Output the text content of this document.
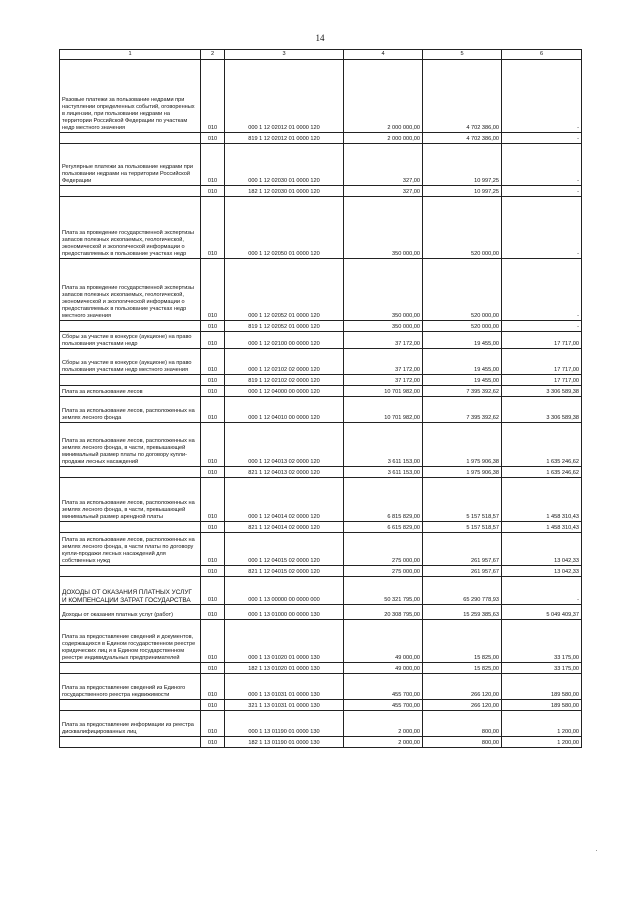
14
1	2	3	4	5	6
Разовые платежи за пользование недрами при наступлении определенных событий, оговоренных в лицензии, при пользовании недрами на территории Российской Федерации по участкам недр местного значения	010	000 1 12 02012 01 0000 120	2 000 000,00	4 702 386,00	-
	010	819 1 12 02012 01 0000 120	2 000 000,00	4 702 386,00	-
Регулярные платежи за пользование недрами при пользовании недрами на территории Российской Федерации	010	000 1 12 02030 01 0000 120	327,00	10 997,25	-
	010	182 1 12 02030 01 0000 120	327,00	10 997,25	-
Плата за проведение государственной экспертизы запасов полезных ископаемых, геологической, экономической и экологической информации о предоставляемых в пользование участках недр	010	000 1 12 02050 01 0000 120	350 000,00	520 000,00	-
Плата за проведение государственной экспертизы запасов полезных ископаемых, геологической, экономической и экологической информации о предоставляемых в пользование участках недр местного значения	010	000 1 12 02052 01 0000 120	350 000,00	520 000,00	-
	010	819 1 12 02052 01 0000 120	350 000,00	520 000,00	-
Сборы за участие в конкурсе (аукционе) на право пользования участками недр	010	000 1 12 02100 00 0000 120	37 172,00	19 455,00	17 717,00
Сборы за участие в конкурсе (аукционе) на право пользования участками недр местного значения	010	000 1 12 02102 02 0000 120	37 172,00	19 455,00	17 717,00
	010	819 1 12 02102 02 0000 120	37 172,00	19 455,00	17 717,00
Плата за использование лесов	010	000 1 12 04000 00 0000 120	10 701 982,00	7 395 392,62	3 306 589,38
Плата за использование лесов, расположенных на землях лесного фонда	010	000 1 12 04010 00 0000 120	10 701 982,00	7 395 392,62	3 306 589,38
Плата за использование лесов, расположенных на землях лесного фонда, в части, превышающей минимальный размер платы по договору купли-продажи лесных насаждений	010	000 1 12 04013 02 0000 120	3 611 153,00	1 975 906,38	1 635 246,62
	010	821 1 12 04013 02 0000 120	3 611 153,00	1 975 906,38	1 635 246,62
Плата за использование лесов, расположенных на землях лесного фонда, в части, превышающей минимальный размер арендной платы	010	000 1 12 04014 02 0000 120	6 815 829,00	5 157 518,57	1 458 310,43
	010	821 1 12 04014 02 0000 120	6 615 829,00	5 157 518,57	1 458 310,43
Плата за использование лесов, расположенных на землях лесного фонда, в части платы по договору купли-продажи лесных насаждений для собственных нужд	010	000 1 12 04015 02 0000 120	275 000,00	261 957,67	13 042,33
	010	821 1 12 04015 02 0000 120	275 000,00	261 957,67	13 042,33
ДОХОДЫ ОТ ОКАЗАНИЯ ПЛАТНЫХ УСЛУГ И КОМПЕНСАЦИИ ЗАТРАТ ГОСУДАРСТВА	010	000 1 13 00000 00 0000 000	50 321 795,00	65 290 778,93	-
Доходы от оказания платных услуг (работ)	010	000 1 13 01000 00 0000 130	20 308 795,00	15 259 385,63	5 049 409,37
Плата за предоставление сведений и документов, содержащихся в Едином государственном реестре юридических лиц и в Едином государственном реестре индивидуальных предпринимателей	010	000 1 13 01020 01 0000 130	49 000,00	15 825,00	33 175,00
	010	182 1 13 01020 01 0000 130	49 000,00	15 825,00	33 175,00
Плата за предоставление сведений из Единого государственного реестра недвижимости	010	000 1 13 01031 01 0000 130	455 700,00	266 120,00	189 580,00
	010	321 1 13 01031 01 0000 130	455 700,00	266 120,00	189 580,00
Плата за предоставление информации из реестра дисквалифицированных лиц	010	000 1 13 01190 01 0000 130	2 000,00	800,00	1 200,00
	010	182 1 13 01190 01 0000 130	2 000,00	800,00	1 200,00
